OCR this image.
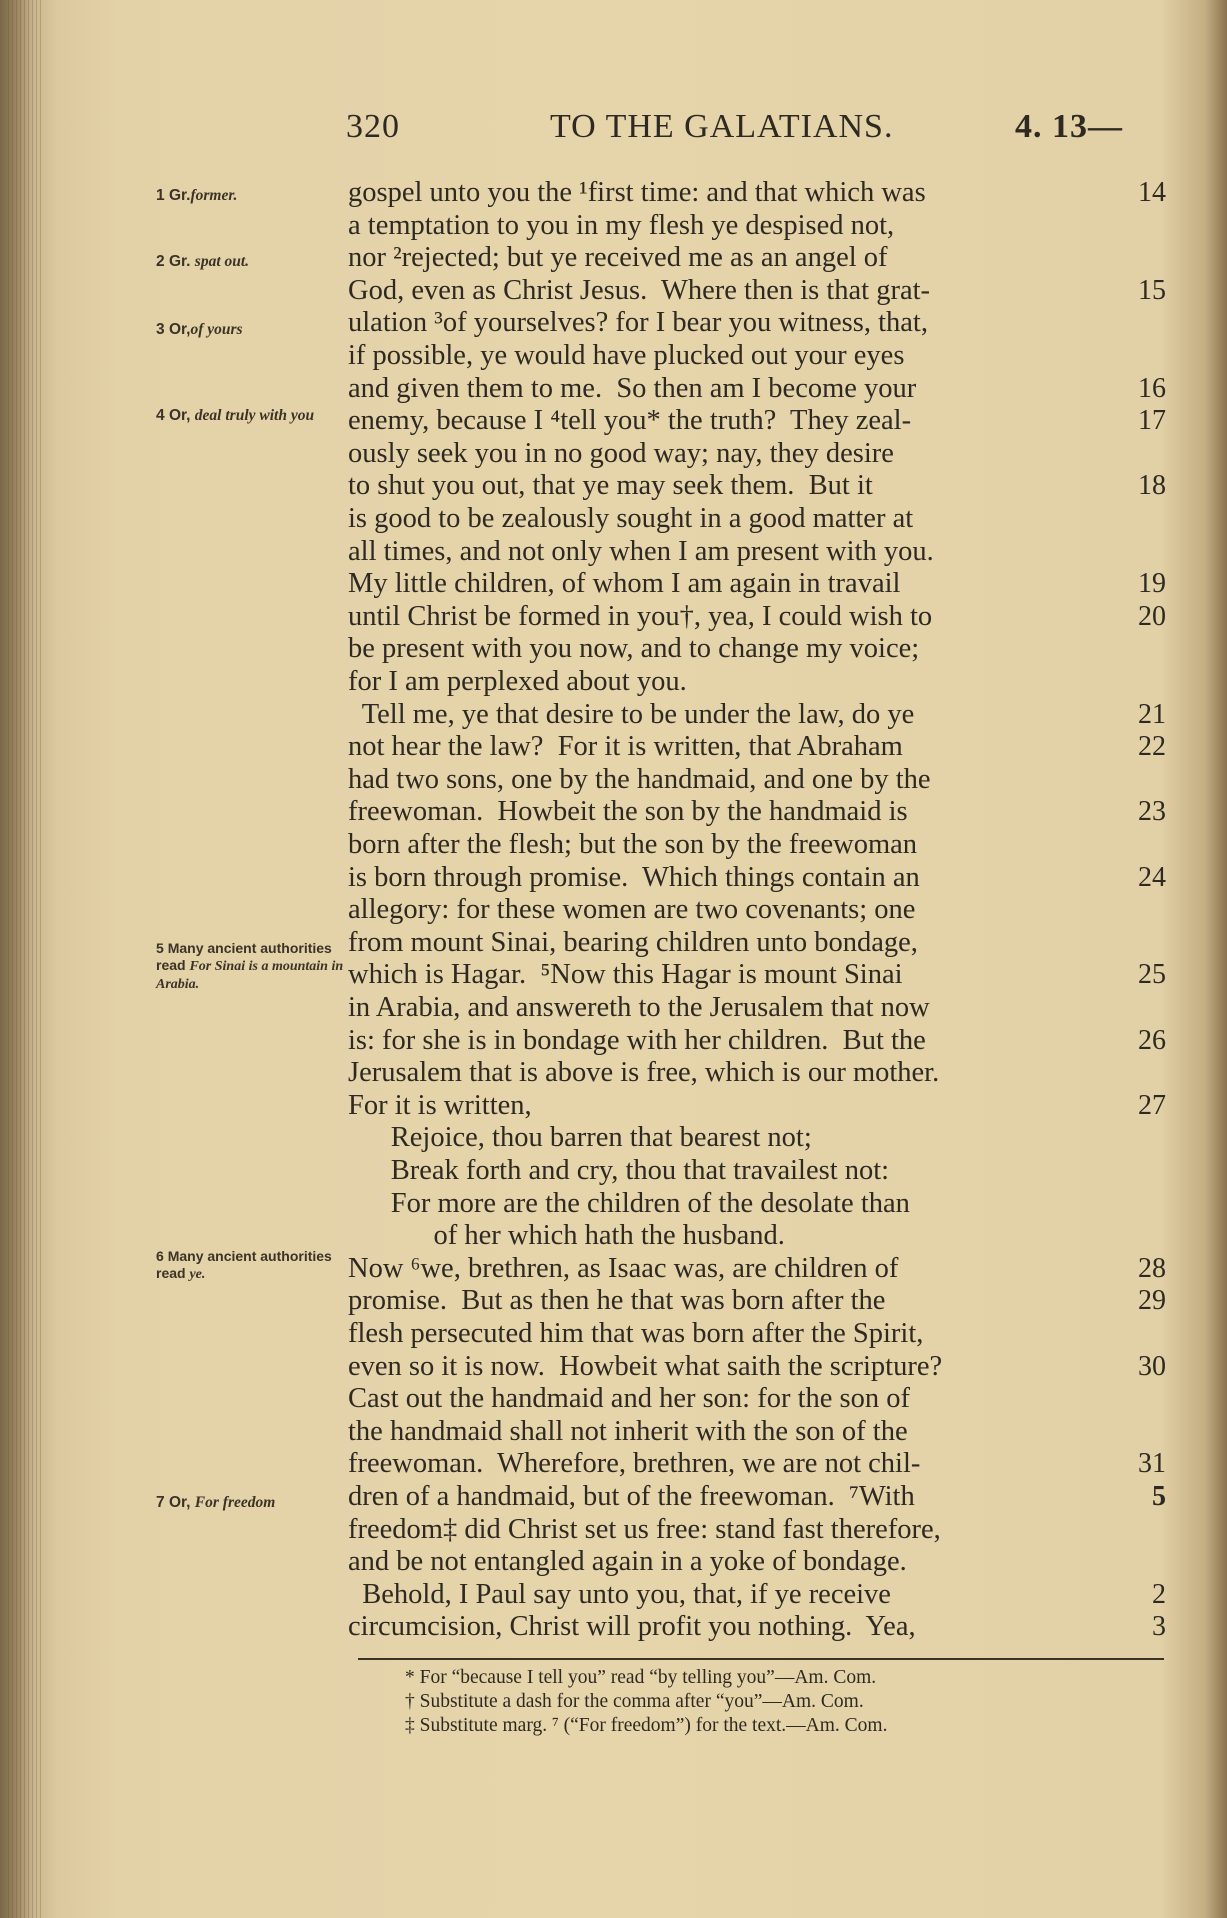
320	TO THE GALATIANS.	4. 13—
1 Gr.former.
2 Gr. spat out.
3 Or,of yours
4 Or, deal truly with you
5 Many ancient authorities read For Sinai is a mountain in Arabia.
6 Many ancient authorities read ye.
7 Or, For freedom
gospel unto you the ¹first time: and that which was	14
a temptation to you in my flesh ye despised not,
nor ²rejected; but ye received me as an angel of
God, even as Christ Jesus.  Where then is that grat-	15
ulation ³of yourselves? for I bear you witness, that,
if possible, ye would have plucked out your eyes
and given them to me.  So then am I become your	16
enemy, because I ⁴tell you* the truth?  They zeal-	17
ously seek you in no good way; nay, they desire
to shut you out, that ye may seek them.  But it	18
is good to be zealously sought in a good matter at
all times, and not only when I am present with you.
My little children, of whom I am again in travail	19
until Christ be formed in you†, yea, I could wish to	20
be present with you now, and to change my voice;
for I am perplexed about you.
Tell me, ye that desire to be under the law, do ye	21
not hear the law?  For it is written, that Abraham	22
had two sons, one by the handmaid, and one by the
freewoman.  Howbeit the son by the handmaid is	23
born after the flesh; but the son by the freewoman
is born through promise.  Which things contain an	24
allegory: for these women are two covenants; one
from mount Sinai, bearing children unto bondage,
which is Hagar.  ⁵Now this Hagar is mount Sinai	25
in Arabia, and answereth to the Jerusalem that now
is: for she is in bondage with her children.  But the	26
Jerusalem that is above is free, which is our mother.
For it is written,	27
Rejoice, thou barren that bearest not;
Break forth and cry, thou that travailest not:
For more are the children of the desolate than
of her which hath the husband.
Now ⁶we, brethren, as Isaac was, are children of	28
promise.  But as then he that was born after the	29
flesh persecuted him that was born after the Spirit,
even so it is now.  Howbeit what saith the scripture?	30
Cast out the handmaid and her son: for the son of
the handmaid shall not inherit with the son of the
freewoman.  Wherefore, brethren, we are not chil-	31
dren of a handmaid, but of the freewoman.  ⁷With	5
freedom‡ did Christ set us free: stand fast therefore,
and be not entangled again in a yoke of bondage.
Behold, I Paul say unto you, that, if ye receive	2
circumcision, Christ will profit you nothing.  Yea,	3
* For “because I tell you” read “by telling you”—Am. Com.
† Substitute a dash for the comma after “you”—Am. Com.
‡ Substitute marg. ⁷ (“For freedom”) for the text.—Am. Com.
